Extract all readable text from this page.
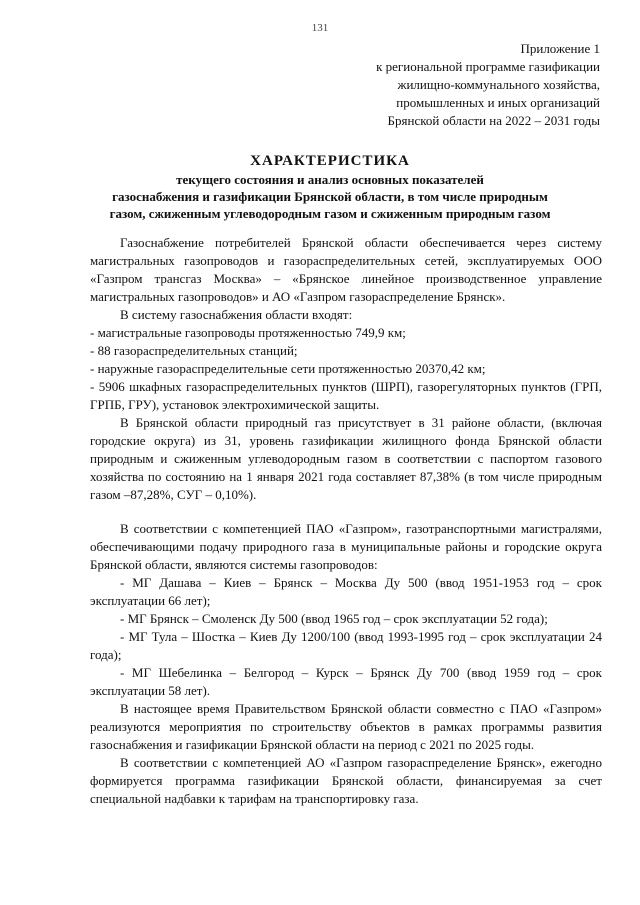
131
Приложение 1
к региональной программе газификации
жилищно-коммунального хозяйства,
промышленных и иных организаций
Брянской области на 2022 – 2031 годы
ХАРАКТЕРИСТИКА
текущего состояния и анализ основных показателей
газоснабжения и газификации Брянской области, в том числе природным
газом, сжиженным углеводородным газом и сжиженным природным газом

Газоснабжение потребителей Брянской области обеспечивается через систему магистральных газопроводов и газораспределительных сетей, эксплуатируемых ООО «Газпром трансгаз Москва» – «Брянское линейное производственное управление магистральных газопроводов» и АО «Газпром газораспределение Брянск».

В систему газоснабжения области входят:

- магистральные газопроводы протяженностью 749,9 км;

- 88 газораспределительных станций;

- наружные газораспределительные сети протяженностью 20370,42 км;

- 5906 шкафных газораспределительных пунктов (ШРП), газорегуляторных пунктов (ГРП, ГРПБ, ГРУ), установок электрохимической защиты.

В Брянской области природный газ присутствует в 31 районе области, (включая городские округа) из 31, уровень газификации жилищного фонда Брянской области природным и сжиженным углеводородным газом в соответствии с паспортом газового хозяйства по состоянию на 1 января 2021 года составляет 87,38% (в том числе природным газом –87,28%, СУГ – 0,10%).

В соответствии с компетенцией ПАО «Газпром», газотранспортными магистралями, обеспечивающими подачу природного газа в муниципальные районы и городские округа Брянской области, являются системы газопроводов:

- МГ Дашава – Киев – Брянск – Москва Ду 500 (ввод 1951-1953 год – срок эксплуатации 66 лет);

- МГ Брянск – Смоленск Ду 500 (ввод 1965 год – срок эксплуатации 52 года);

- МГ Тула – Шостка – Киев Ду 1200/100 (ввод 1993-1995 год – срок эксплуатации 24 года);

- МГ Шебелинка – Белгород – Курск – Брянск Ду 700 (ввод 1959 год – срок эксплуатации 58 лет).

В настоящее время Правительством Брянской области совместно с ПАО «Газпром» реализуются мероприятия по строительству объектов в рамках программы развития газоснабжения и газификации Брянской области на период с 2021 по 2025 годы.

В соответствии с компетенцией АО «Газпром газораспределение Брянск», ежегодно формируется программа газификации Брянской области, финансируемая за счет специальной надбавки к тарифам на транспортировку газа.
